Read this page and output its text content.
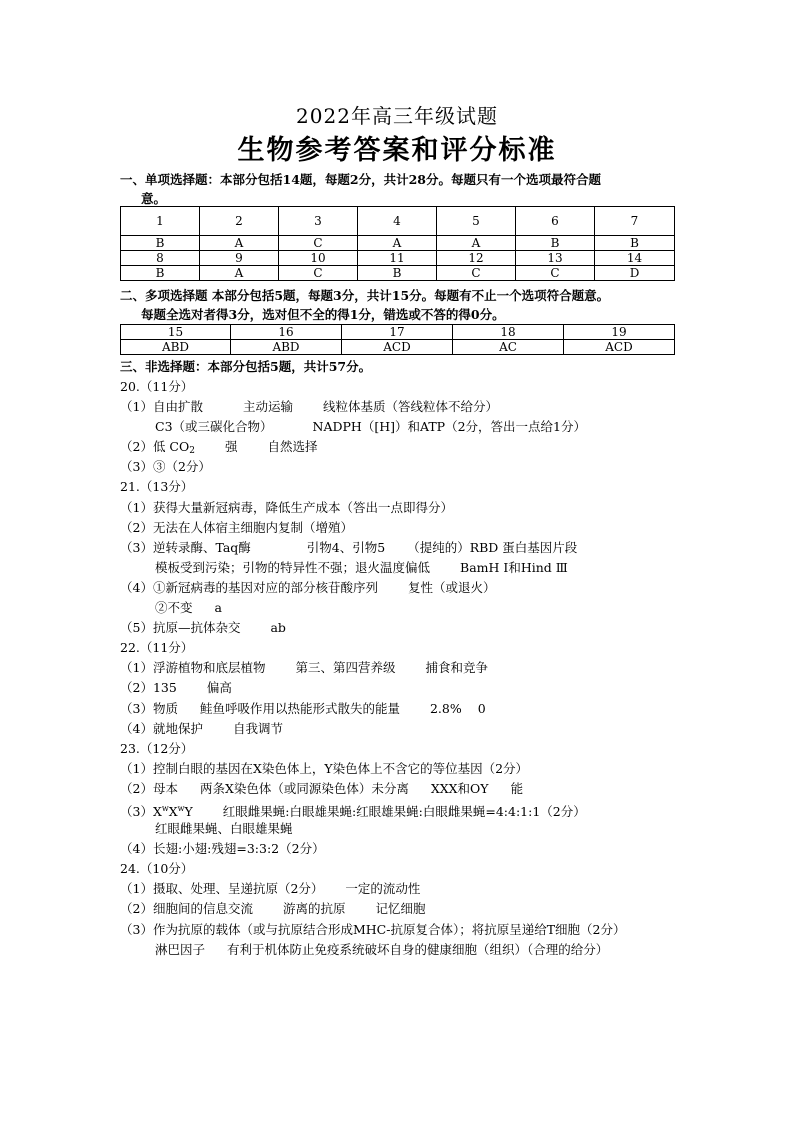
2022年高三年级试题
生物参考答案和评分标准
一、单项选择题：本部分包括14题，每题2分，共计28分。每题只有一个选项最符合题
意。
1	2	3	4	5	6	7
B	A	C	A	A	B	B
8	9	10	11	12	13	14
B	A	C	B	C	C	D
二、多项选择题 本部分包括5题，每题3分，共计15分。每题有不止一个选项符合题意。
每题全选对者得3分，选对但不全的得1分，错选或不答的得0分。
15	16	17	18	19
ABD	ABD	ACD	AC	ACD
三、非选择题：本部分包括5题，共计57分。
20.（11分）
（1）自由扩散	主动运输 线粒体基质（答线粒体不给分）
C3（或三碳化合物）	NADPH（[H]）和ATP（2分，答出一点给1分）
（2）低 $CO_2$ 强 自然选择
（3）③（2分）
21.（13分）
（1）获得大量新冠病毒，降低生产成本（答出一点即得分）
（2）无法在人体宿主细胞内复制（增殖）
（3）逆转录酶、Taq酶	引物4、引物5 （提纯的）RBD 蛋白基因片段
模板受到污染；引物的特异性不强；退火温度偏低 BamH Ⅰ和Hind Ⅲ
（4）①新冠病毒的基因对应的部分核苷酸序列 复性（或退火）
②不变 a
（5）抗原—抗体杂交 ab
22.（11分）
（1）浮游植物和底层植物 第三、第四营养级 捕食和竞争
（2）135 偏高
（3）物质 鲑鱼呼吸作用以热能形式散失的能量 2.8% 0
（4）就地保护 自我调节
23.（12分）
（1）控制白眼的基因在X染色体上，Y染色体上不含它的等位基因（2分）
（2）母本 两条X染色体（或同源染色体）未分离 XXX和OY 能
$(3)X^wX^wY$ 红眼雌果蝇:白眼雄果蝇:红眼雄果蝇:白眼雌果蝇=4:4:1:1（2分）
红眼雌果蝇、白眼雄果蝇
（4）长翅:小翅:残翅=3:3:2（2分）
24.（10分）
（1）摄取、处理、呈递抗原（2分） 一定的流动性
（2）细胞间的信息交流 游离的抗原 记忆细胞
（3）作为抗原的载体（或与抗原结合形成MHC-抗原复合体）；将抗原呈递给T细胞（2分）
淋巴因子 有利于机体防止免疫系统破坏自身的健康细胞（组织）（合理的给分）
